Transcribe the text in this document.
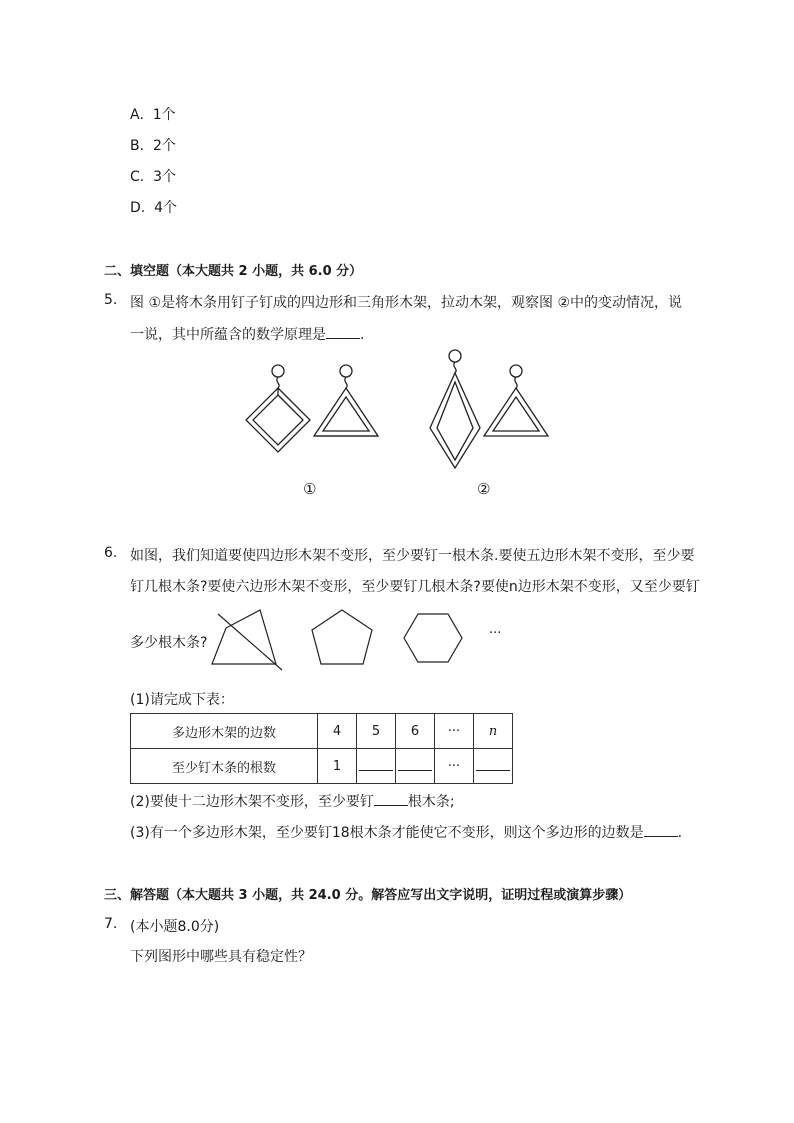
A. 1个
B. 2个
C. 3个
D. 4个
二、填空题（本大题共 2 小题，共 6.0 分）
5. 图 ①是将木条用钉子钉成的四边形和三角形木架，拉动木架，观察图 ②中的变动情况，说
一说，其中所蕴含的数学原理是 .
①	②
6. 如图，我们知道要使四边形木架不变形，至少要钉一根木条.要使五边形木架不变形，至少要
钉几根木条?要使六边形木架不变形，至少要钉几根木条?要使n边形木架不变形，又至少要钉
多少根木条?
···
(1)请完成下表：
多边形木架的边数	4	5	6	···	n
至少钉木条的根数	1			···	
(2)要使十二边形木架不变形，至少要钉 根木条;
(3)有一个多边形木架，至少要钉18根木条才能使它不变形，则这个多边形的边数是 .
三、解答题（本大题共 3 小题，共 24.0 分。解答应写出文字说明，证明过程或演算步骤）
7. (本小题8.0分)
下列图形中哪些具有稳定性？
